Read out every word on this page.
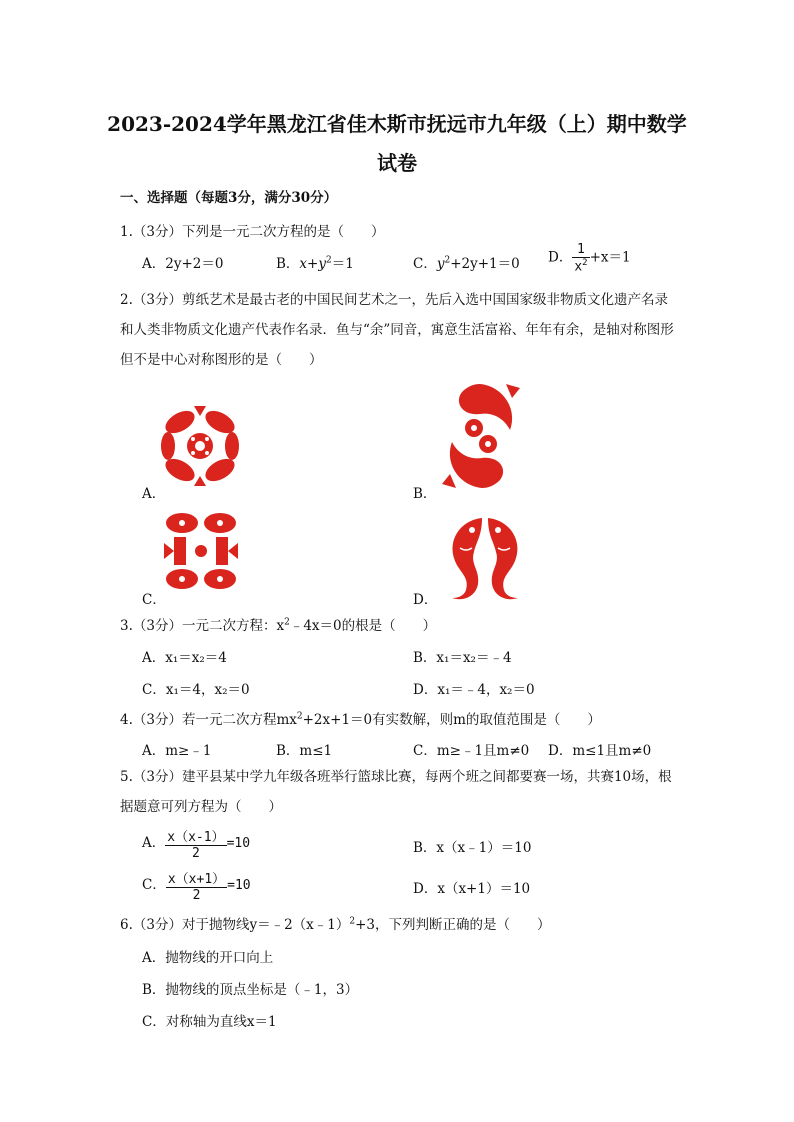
2023-2024学年黑龙江省佳木斯市抚远市九年级（上）期中数学
试卷
一、选择题（每题3分，满分30分）
1.（3分）下列是一元二次方程的是（　　）
A．2y+2＝0	B．$x+y^2=1$	C．$y^2+2y+1=0$ D． $\frac{1}{x^2} +x=1$
2.（3分）剪纸艺术是最古老的中国民间艺术之一，先后入选中国国家级非物质文化遗产名录和人类非物质文化遗产代表作名录．鱼与“余”同音，寓意生活富裕、年年有余，是轴对称图形但不是中心对称图形的是（　　）
A．	B．
C．	D．
3.（3分）一元二次方程：$x^2﹣4x=0$的根是（　　）
A．x₁＝x₂＝4	B．x₁＝x₂＝﹣4
C．x₁＝4，x₂＝0	D．x₁＝﹣4，x₂＝0
4.（3分）若一元二次方程$mx^2+2x+1=0$有实数解，则m的取值范围是（　　）
A．m≥﹣1	B．m≤1	C．m≥﹣1且m≠0 D．m≤1且m≠0
5.（3分）建平县某中学九年级各班举行篮球比赛，每两个班之间都要赛一场，共赛10场，根据题意可列方程为（　　）
A． $\frac{x(x-1)}{2} =10$	B．x（x﹣1）＝10
C． $\frac{x(x+1)}{2} =10$	D．x（x+1）＝10
6.（3分）对于抛物线y＝﹣2（x﹣1）$^2$+3，下列判断正确的是（　　）
A．抛物线的开口向上
B．抛物线的顶点坐标是（﹣1，3）
C．对称轴为直线x＝1
